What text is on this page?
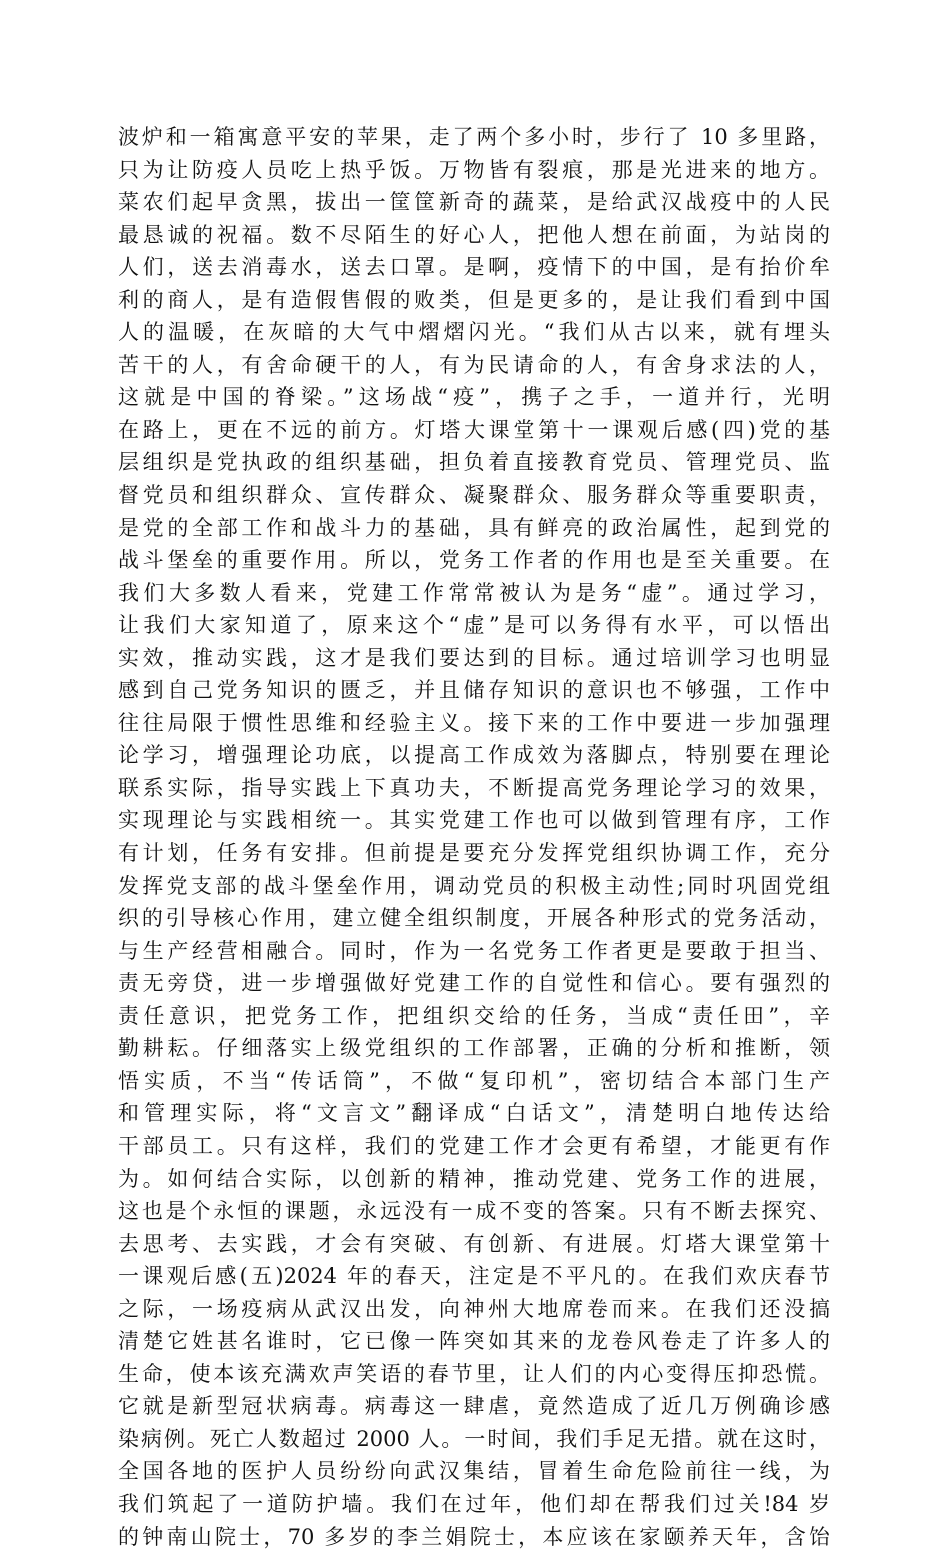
波炉和一箱寓意平安的苹果，走了两个多小时，步行了 10 多里路，
只为让防疫人员吃上热乎饭。万物皆有裂痕，那是光进来的地方。
菜农们起早贪黑，拔出一筐筐新奇的蔬菜，是给武汉战疫中的人民
最恳诚的祝福。数不尽陌生的好心人，把他人想在前面，为站岗的
人们，送去消毒水，送去口罩。是啊，疫情下的中国，是有抬价牟
利的商人，是有造假售假的败类，但是更多的，是让我们看到中国
人的温暖，在灰暗的大气中熠熠闪光。“我们从古以来，就有埋头
苦干的人，有舍命硬干的人，有为民请命的人，有舍身求法的人，
这就是中国的脊梁。”这场战“疫”，携子之手，一道并行，光明
在路上，更在不远的前方。灯塔大课堂第十一课观后感(四)党的基
层组织是党执政的组织基础，担负着直接教育党员、管理党员、监
督党员和组织群众、宣传群众、凝聚群众、服务群众等重要职责，
是党的全部工作和战斗力的基础，具有鲜亮的政治属性，起到党的
战斗堡垒的重要作用。所以，党务工作者的作用也是至关重要。在
我们大多数人看来，党建工作常常被认为是务“虚”。通过学习，
让我们大家知道了，原来这个“虚”是可以务得有水平，可以悟出
实效，推动实践，这才是我们要达到的目标。通过培训学习也明显
感到自己党务知识的匮乏，并且储存知识的意识也不够强，工作中
往往局限于惯性思维和经验主义。接下来的工作中要进一步加强理
论学习，增强理论功底，以提高工作成效为落脚点，特别要在理论
联系实际，指导实践上下真功夫，不断提高党务理论学习的效果，
实现理论与实践相统一。其实党建工作也可以做到管理有序，工作
有计划，任务有安排。但前提是要充分发挥党组织协调工作，充分
发挥党支部的战斗堡垒作用，调动党员的积极主动性;同时巩固党组
织的引导核心作用，建立健全组织制度，开展各种形式的党务活动，
与生产经营相融合。同时，作为一名党务工作者更是要敢于担当、
责无旁贷，进一步增强做好党建工作的自觉性和信心。要有强烈的
责任意识，把党务工作，把组织交给的任务，当成“责任田”，辛
勤耕耘。仔细落实上级党组织的工作部署，正确的分析和推断，领
悟实质，不当“传话筒”，不做“复印机”，密切结合本部门生产
和管理实际，将“文言文”翻译成“白话文”，清楚明白地传达给
干部员工。只有这样，我们的党建工作才会更有希望，才能更有作
为。如何结合实际，以创新的精神，推动党建、党务工作的进展，
这也是个永恒的课题，永远没有一成不变的答案。只有不断去探究、
去思考、去实践，才会有突破、有创新、有进展。灯塔大课堂第十
一课观后感(五)2024 年的春天，注定是不平凡的。在我们欢庆春节
之际，一场疫病从武汉出发，向神州大地席卷而来。在我们还没搞
清楚它姓甚名谁时，它已像一阵突如其来的龙卷风卷走了许多人的
生命，使本该充满欢声笑语的春节里，让人们的内心变得压抑恐慌。
它就是新型冠状病毒。病毒这一肆虐，竟然造成了近几万例确诊感
染病例。死亡人数超过 2000 人。一时间，我们手足无措。就在这时，
全国各地的医护人员纷纷向武汉集结，冒着生命危险前往一线，为
我们筑起了一道防护墙。我们在过年，他们却在帮我们过关!84 岁
的钟南山院士，70 多岁的李兰娟院士，本应该在家颐养天年，含饴
